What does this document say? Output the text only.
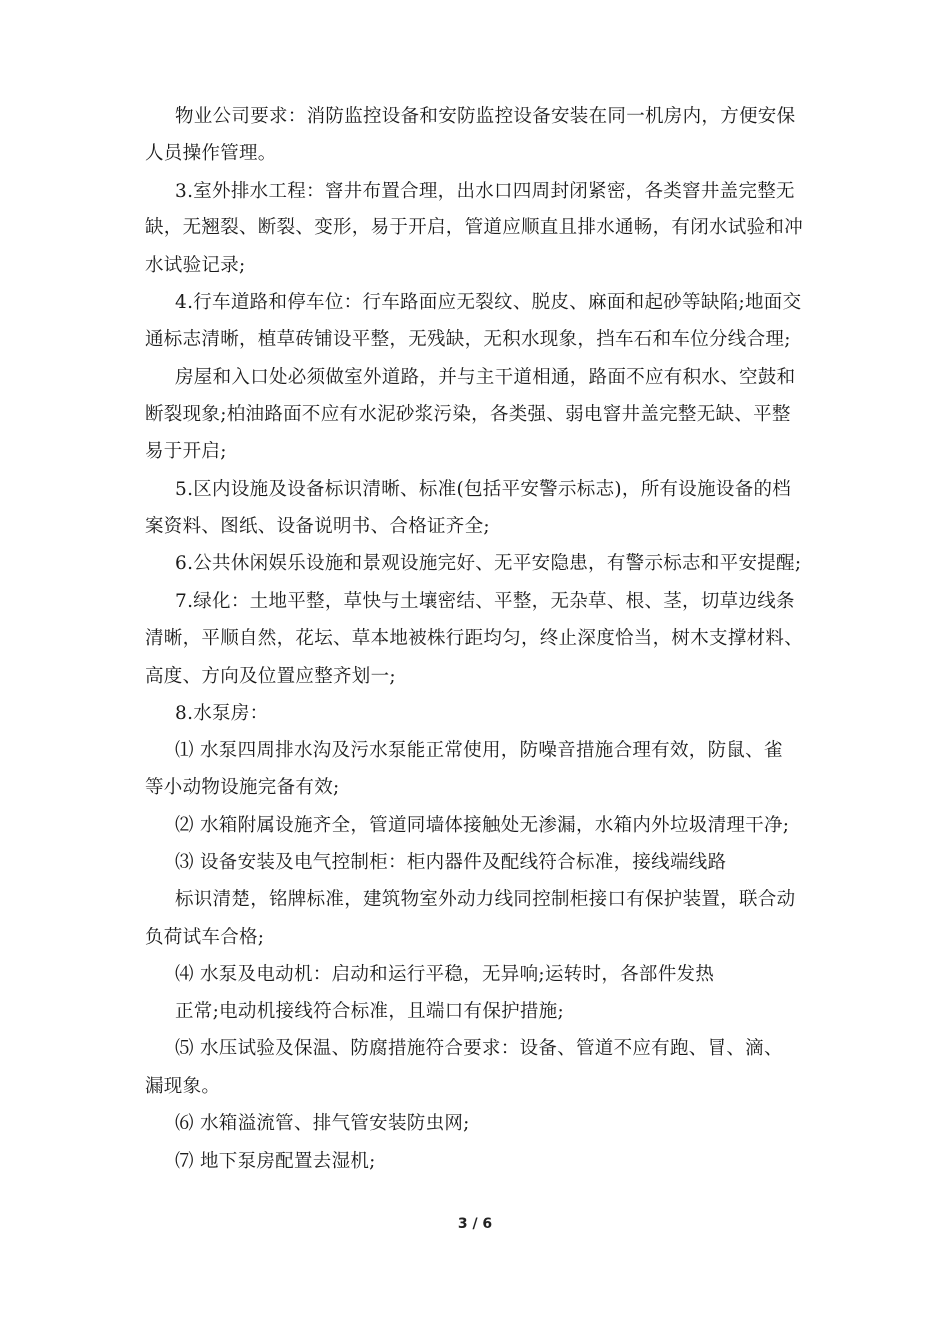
物业公司要求：消防监控设备和安防监控设备安装在同一机房内，方便安保
人员操作管理。
3.室外排水工程：窨井布置合理，出水口四周封闭紧密，各类窨井盖完整无
缺，无翘裂、断裂、变形，易于开启，管道应顺直且排水通畅，有闭水试验和冲
水试验记录;
4.行车道路和停车位：行车路面应无裂纹、脱皮、麻面和起砂等缺陷;地面交
通标志清晰，植草砖铺设平整，无残缺，无积水现象，挡车石和车位分线合理;
房屋和入口处必须做室外道路，并与主干道相通，路面不应有积水、空鼓和
断裂现象;柏油路面不应有水泥砂浆污染，各类强、弱电窨井盖完整无缺、平整
易于开启;
5.区内设施及设备标识清晰、标准(包括平安警示标志)，所有设施设备的档
案资料、图纸、设备说明书、合格证齐全;
6.公共休闲娱乐设施和景观设施完好、无平安隐患，有警示标志和平安提醒;
7.绿化：土地平整，草快与土壤密结、平整，无杂草、根、茎，切草边线条
清晰，平顺自然，花坛、草本地被株行距均匀，终止深度恰当，树木支撑材料、
高度、方向及位置应整齐划一;
8.水泵房：
⑴ 水泵四周排水沟及污水泵能正常使用，防噪音措施合理有效，防鼠、雀
等小动物设施完备有效;
⑵ 水箱附属设施齐全，管道同墙体接触处无渗漏，水箱内外垃圾清理干净;
⑶ 设备安装及电气控制柜：柜内器件及配线符合标准，接线端线路
标识清楚，铭牌标准，建筑物室外动力线同控制柜接口有保护装置，联合动
负荷试车合格;
⑷ 水泵及电动机：启动和运行平稳，无异响;运转时，各部件发热
正常;电动机接线符合标准，且端口有保护措施;
⑸ 水压试验及保温、防腐措施符合要求：设备、管道不应有跑、冒、滴、
漏现象。
⑹ 水箱溢流管、排气管安装防虫网;
⑺ 地下泵房配置去湿机;
3 / 6
